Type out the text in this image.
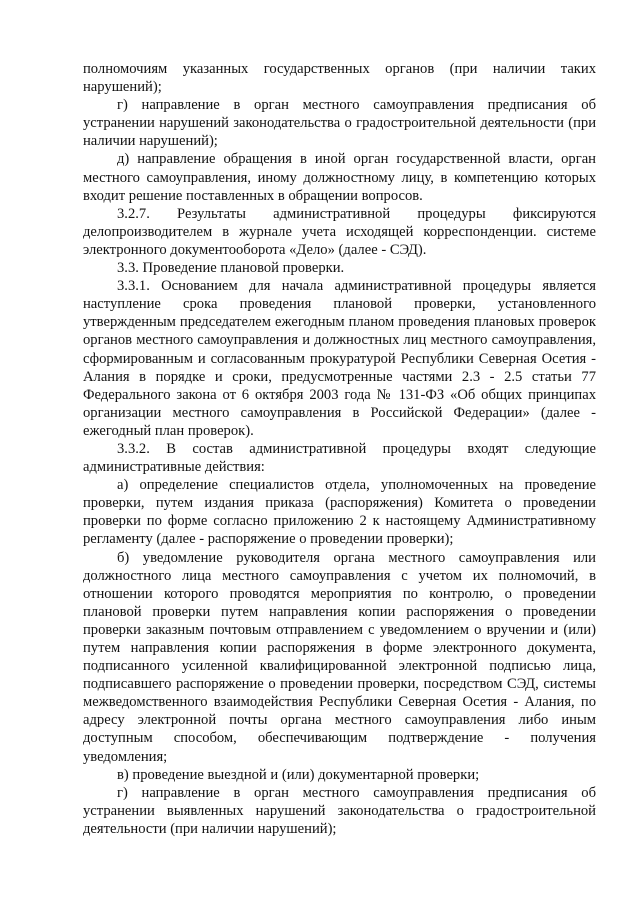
полномочиям указанных государственных органов (при наличии таких нарушений);

г) направление в орган местного самоуправления предписания об устранении нарушений законодательства о градостроительной деятельности (при наличии нарушений);

д) направление обращения в иной орган государственной власти, орган местного самоуправления, иному должностному лицу, в компетенцию которых входит решение поставленных в обращении вопросов.

3.2.7. Результаты административной процедуры фиксируются делопроизводителем в журнале учета исходящей корреспонденции. системе электронного документооборота «Дело» (далее - СЭД).

3.3. Проведение плановой проверки.

3.3.1. Основанием для начала административной процедуры является наступление срока проведения плановой проверки, установленного утвержденным председателем ежегодным планом проведения плановых проверок органов местного самоуправления и должностных лиц местного самоуправления, сформированным и согласованным прокуратурой Республики Северная Осетия - Алания в порядке и сроки, предусмотренные частями 2.3 - 2.5 статьи 77 Федерального закона от 6 октября 2003 года № 131-ФЗ «Об общих принципах организации местного самоуправления в Российской Федерации» (далее - ежегодный план проверок).

3.3.2. В состав административной процедуры входят следующие административные действия:

а) определение специалистов отдела, уполномоченных на проведение проверки, путем издания приказа (распоряжения) Комитета о проведении проверки по форме согласно приложению 2 к настоящему Административному регламенту (далее - распоряжение о проведении проверки);

б) уведомление руководителя органа местного самоуправления или должностного лица местного самоуправления с учетом их полномочий, в отношении которого проводятся мероприятия по контролю, о проведении плановой проверки путем направления копии распоряжения о проведении проверки заказным почтовым отправлением с уведомлением о вручении и (или) путем направления копии распоряжения в форме электронного документа, подписанного усиленной квалифицированной электронной подписью лица, подписавшего распоряжение о проведении проверки, посредством СЭД, системы межведомственного взаимодействия Республики Северная Осетия - Алания, по адресу электронной почты органа местного самоуправления либо иным доступным способом, обеспечивающим подтверждение - получения уведомления;

в) проведение выездной и (или) документарной проверки;

г) направление в орган местного самоуправления предписания об устранении выявленных нарушений законодательства о градостроительной деятельности (при наличии нарушений);
